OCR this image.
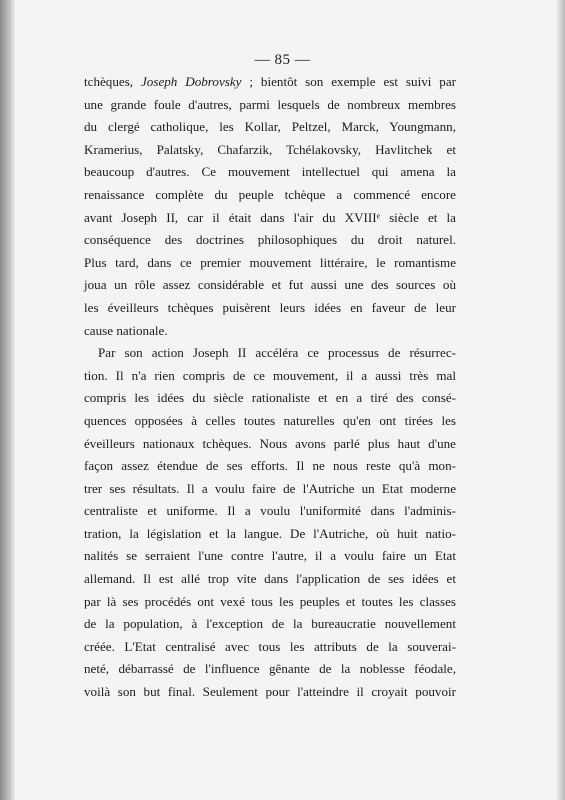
— 85 —
tchèques, Joseph Dobrovsky ; bientôt son exemple est suivi par
une grande foule d'autres, parmi lesquels de nombreux membres
du clergé catholique, les Kollar, Peltzel, Marck, Youngmann,
Kramerius, Palatsky, Chafarzik, Tchélakovsky, Havlitchek et
beaucoup d'autres. Ce mouvement intellectuel qui amena la
renaissance complète du peuple tchèque a commencé encore
avant Joseph II, car il était dans l'air du XVIIIᵉ siècle et la
conséquence des doctrines philosophiques du droit naturel.
Plus tard, dans ce premier mouvement littéraire, le romantisme
joua un rôle assez considérable et fut aussi une des sources où
les éveilleurs tchèques puisèrent leurs idées en faveur de leur
cause nationale.
Par son action Joseph II accéléra ce processus de résurrec-
tion. Il n'a rien compris de ce mouvement, il a aussi très mal
compris les idées du siècle rationaliste et en a tiré des consé-
quences opposées à celles toutes naturelles qu'en ont tirées les
éveilleurs nationaux tchèques. Nous avons parlé plus haut d'une
façon assez étendue de ses efforts. Il ne nous reste qu'à mon-
trer ses résultats. Il a voulu faire de l'Autriche un Etat moderne
centraliste et uniforme. Il a voulu l'uniformité dans l'adminis-
tration, la législation et la langue. De l'Autriche, où huit natio-
nalités se serraient l'une contre l'autre, il a voulu faire un Etat
allemand. Il est allé trop vite dans l'application de ses idées et
par là ses procédés ont vexé tous les peuples et toutes les classes
de la population, à l'exception de la bureaucratie nouvellement
créée. L'Etat centralisé avec tous les attributs de la souverai-
neté, débarrassé de l'influence gênante de la noblesse féodale,
voilà son but final. Seulement pour l'atteindre il croyait pouvoir
